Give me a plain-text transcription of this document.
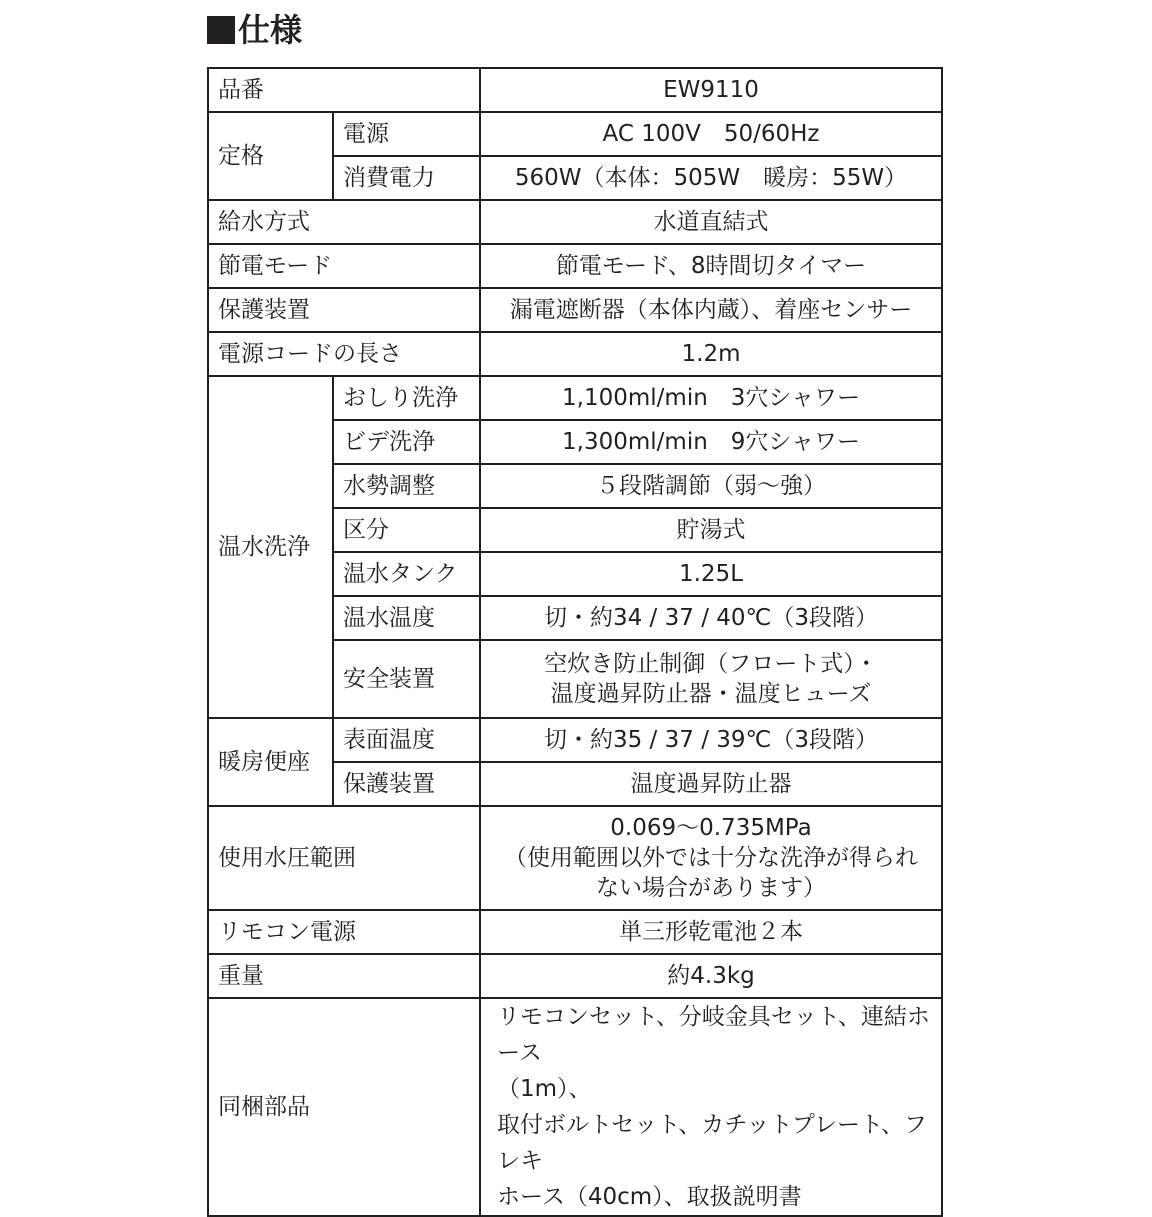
仕様
品番		EW9110
定格	電源	AC 100V　50/60Hz
	消費電力	560W（本体：505W　暖房：55W）
給水方式		水道直結式
節電モード		節電モード、8時間切タイマー
保護装置		漏電遮断器（本体内蔵）、着座センサー
電源コードの長さ		1.2m
温水洗浄	おしり洗浄	1,100ml/min　3穴シャワー
	ビデ洗浄	1,300ml/min　9穴シャワー
	水勢調整	５段階調節（弱～強）
	区分	貯湯式
	温水タンク	1.25L
	温水温度	切・約34 / 37 / 40℃（3段階）
	安全装置	空炊き防止制御（フロート式）・
温度過昇防止器・温度ヒューズ

暖房便座	表面温度	切・約35 / 37 / 39℃（3段階）
	保護装置	温度過昇防止器
使用水圧範囲		0.069～0.735MPa
（使用範囲以外では十分な洗浄が得られ
ない場合があります）

リモコン電源		単三形乾電池２本
重量		約4.3kg
同梱部品		リモコンセット、分岐金具セット、連結ホース
（1m）、
取付ボルトセット、カチットプレート、フレキ
ホース（40cm）、取扱説明書
